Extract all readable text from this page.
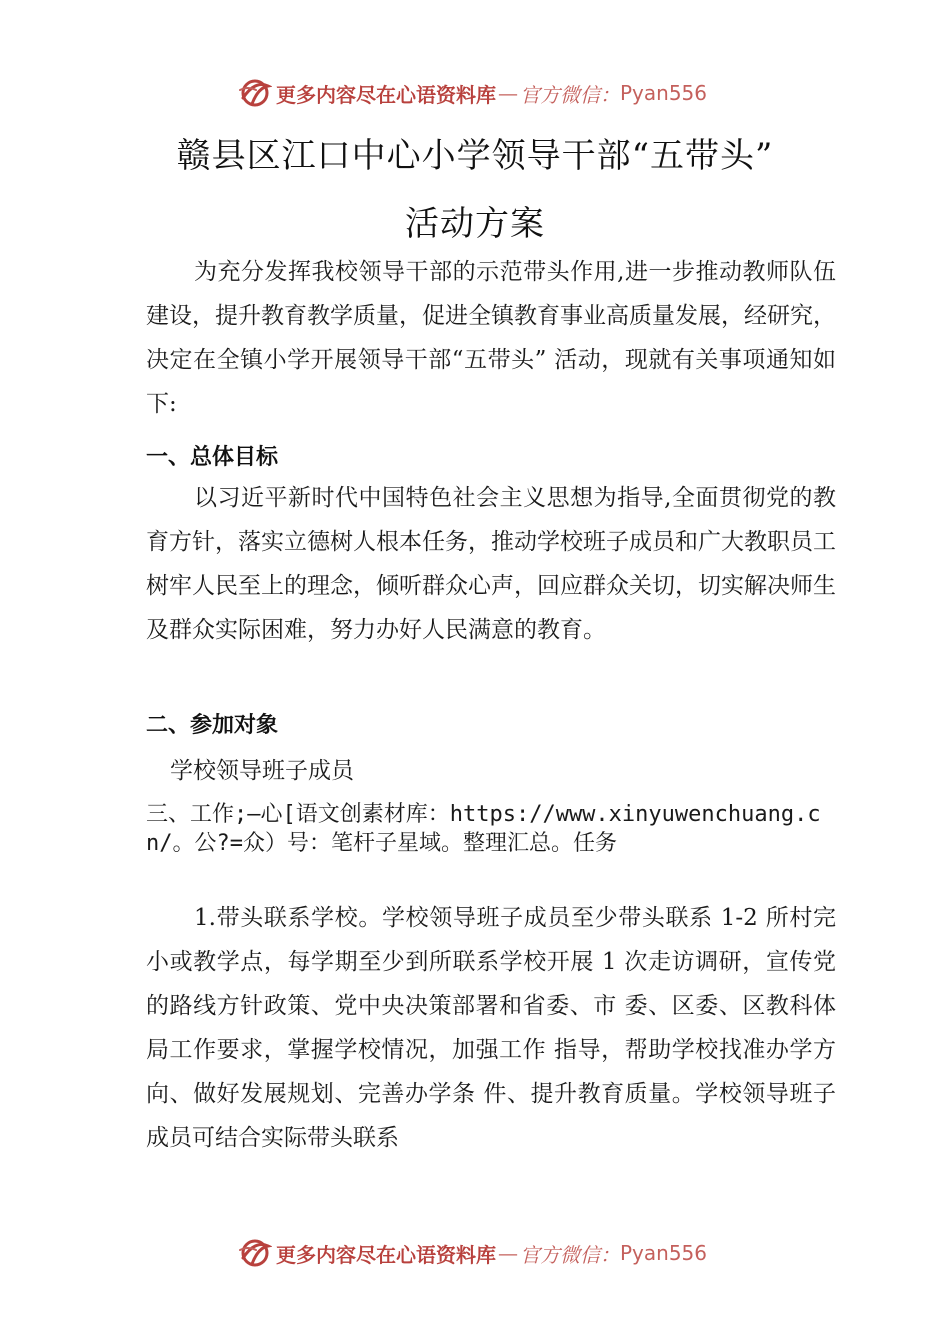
更多内容尽在心语资料库 — 官方微信： Pyan556
赣县区江口中心小学领导干部“五带头”
活动方案

为充分发挥我校领导干部的示范带头作用,进一步推动教师队伍建设，提升教育教学质量，促进全镇教育事业高质量发展，经研究，决定在全镇小学开展领导干部“五带头” 活动，现就有关事项通知如下:

一、总体目标

以习近平新时代中国特色社会主义思想为指导,全面贯彻党的教育方针，落实立德树人根本任务，推动学校班子成员和广大教职员工树牢人民至上的理念，倾听群众心声，回应群众关切，切实解决师生及群众实际困难，努力办好人民满意的教育。

二、参加对象

学校领导班子成员

三、工作;—心[语文创素材库：https://www.xinyuwenchuang.cn/。公?=众）号：笔杆子星域。整理汇总。任务

1.带头联系学校。学校领导班子成员至少带头联系 1-2 所村完小或教学点，每学期至少到所联系学校开展 1 次走访调研，宣传党的路线方针政策、党中央决策部署和省委、市 委、区委、区教科体局工作要求，掌握学校情况，加强工作 指导，帮助学校找准办学方向、做好发展规划、完善办学条 件、提升教育质量。学校领导班子成员可结合实际带头联系

更多内容尽在心语资料库 — 官方微信： Pyan556
